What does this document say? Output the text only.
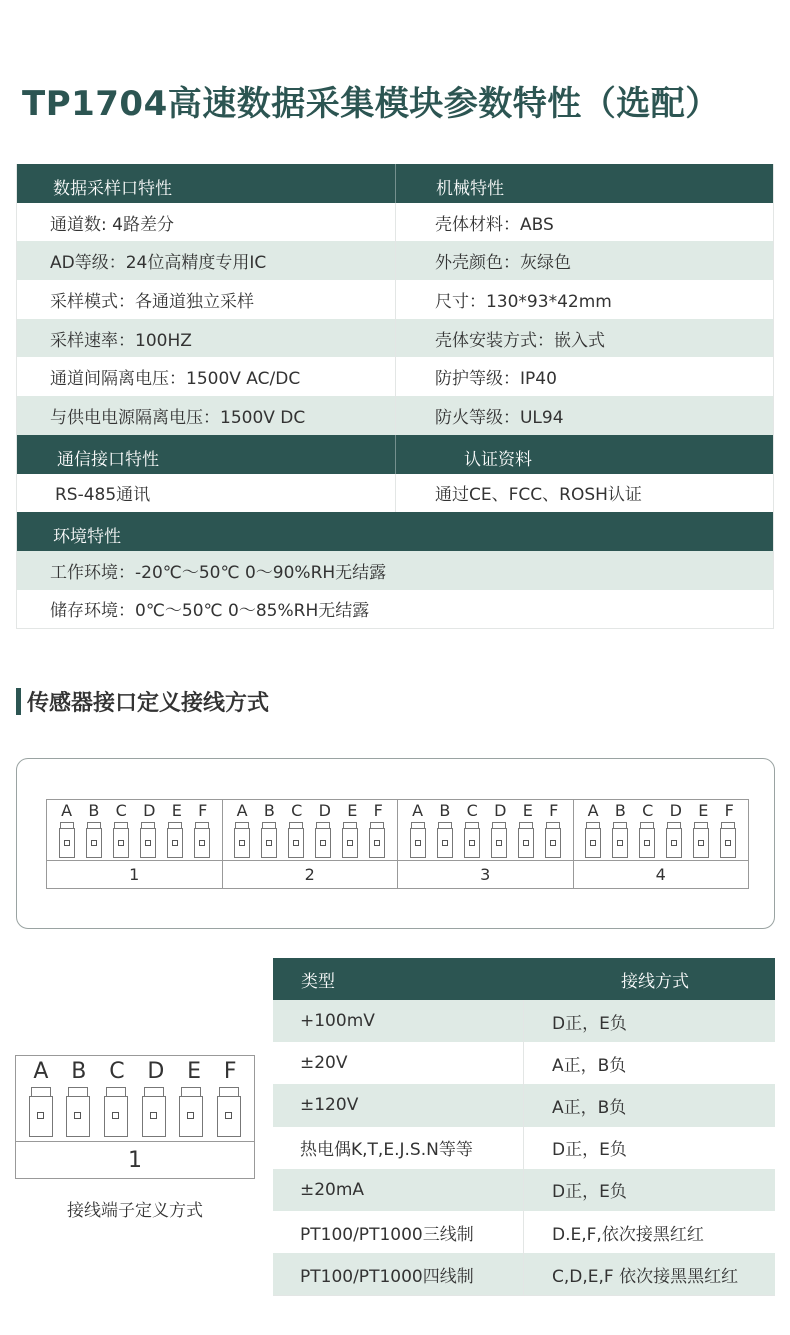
TP1704高速数据采集模块参数特性（选配）
数据采样口特性	机械特性
通道数: 4路差分	壳体材料：ABS
AD等级：24位高精度专用IC	外壳颜色：灰绿色
采样模式：各通道独立采样	尺寸：130*93*42mm
采样速率：100HZ	壳体安装方式：嵌入式
通道间隔离电压：1500V AC/DC	防护等级：IP40
与供电电源隔离电压：1500V DC	防火等级：UL94
通信接口特性	认证资料
RS-485通讯	通过CE、FCC、ROSH认证
环境特性
工作环境：-20℃～50℃ 0～90%RH无结露
储存环境：0℃～50℃ 0～85%RH无结露
传感器接口定义接线方式
A B C D E F
1
A B C D E F
2
A B C D E F
3
A B C D E F
4
A B C D E F
1
接线端子定义方式
类型	接线方式
+100mV	D正，E负
±20V	A正，B负
±120V	A正，B负
热电偶K,T,E.J.S.N等等	D正，E负
±20mA	D正，E负
PT100/PT1000三线制	D.E,F,依次接黑红红
PT100/PT1000四线制	C,D,E,F 依次接黑黑红红
